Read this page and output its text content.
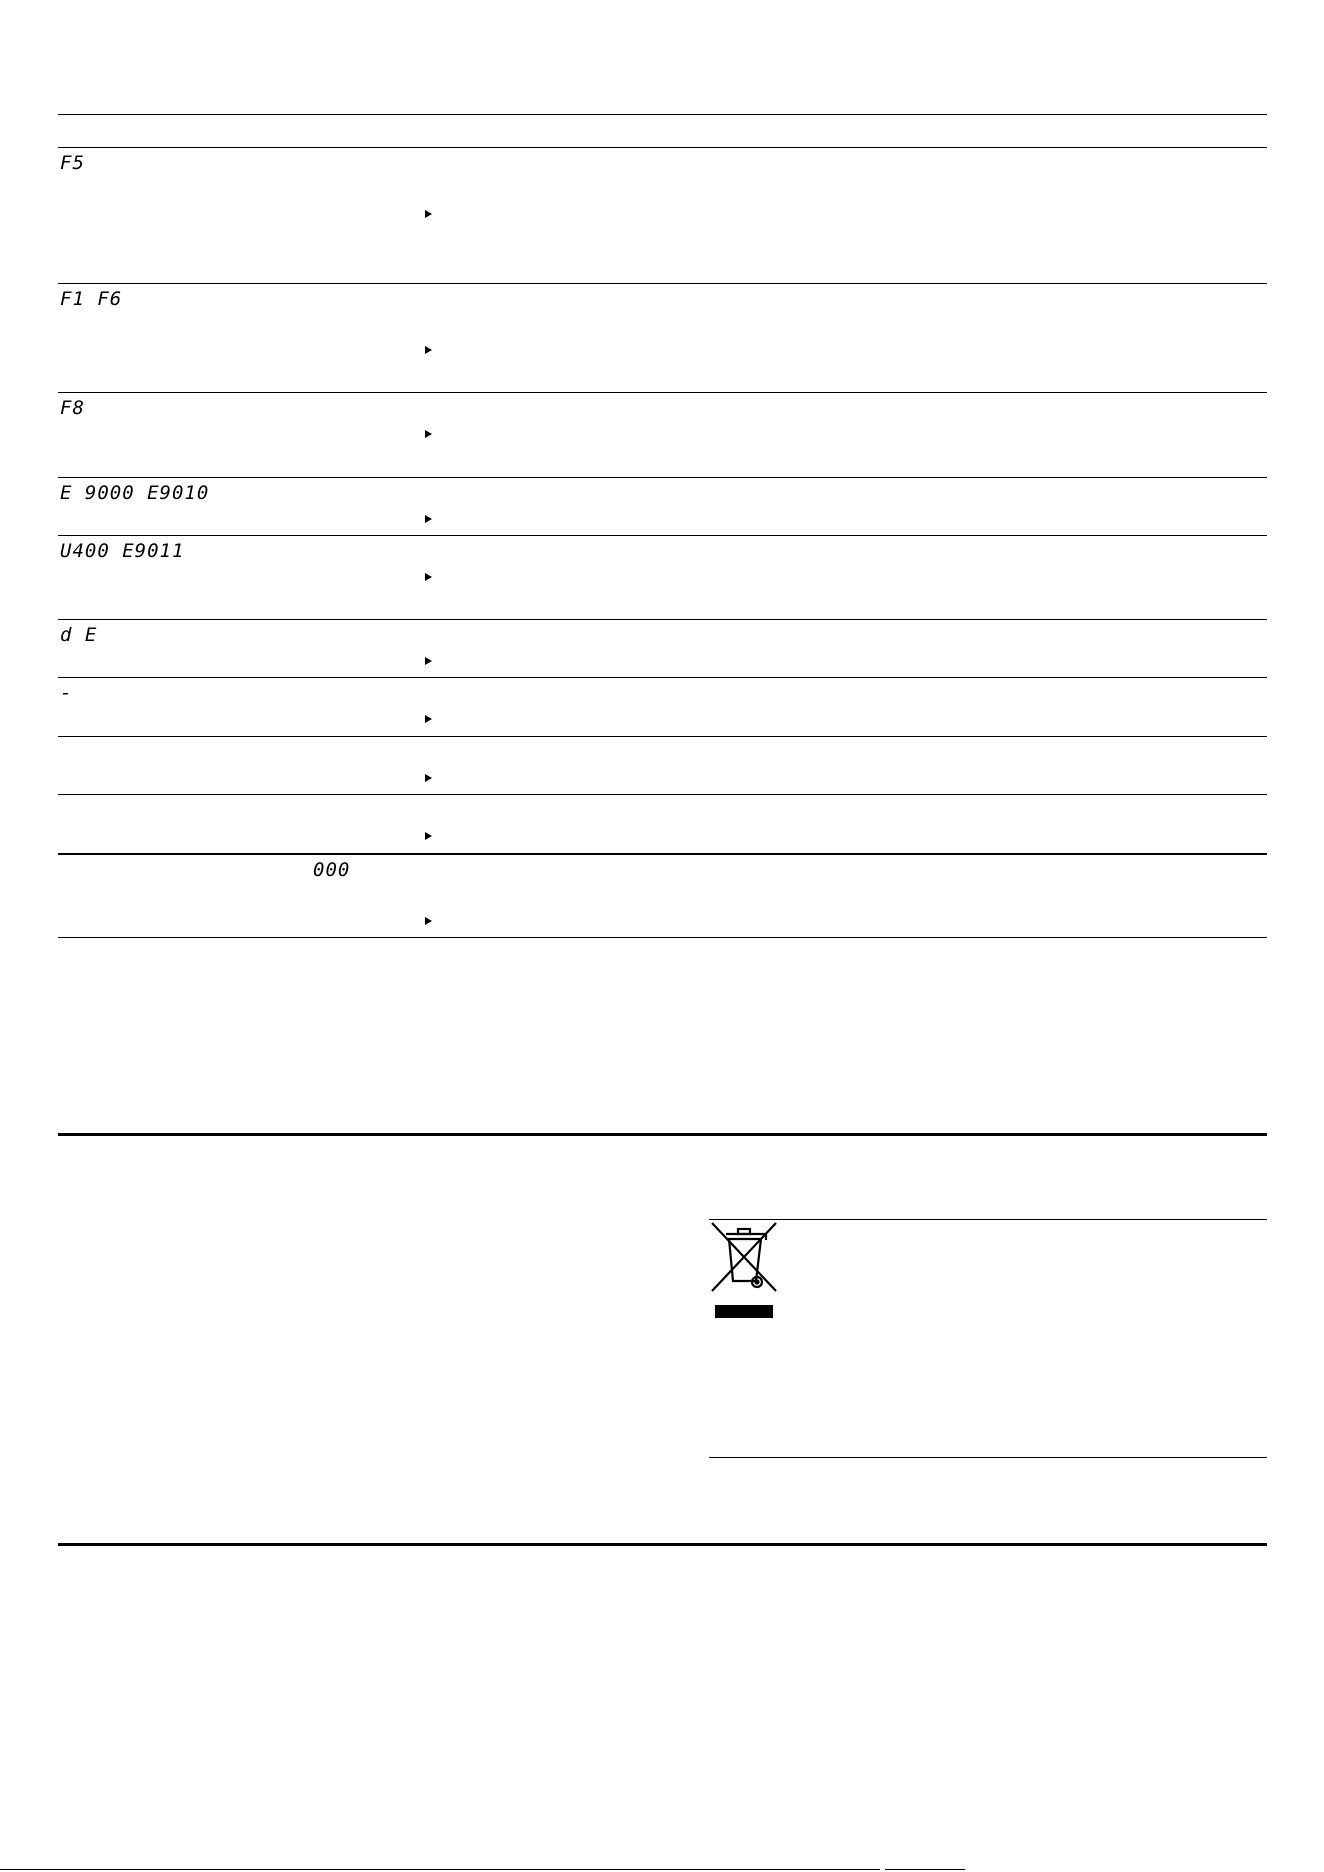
F5
F1 F6
F8
E 9000 E9010
U400 E9011
d E
-
000
